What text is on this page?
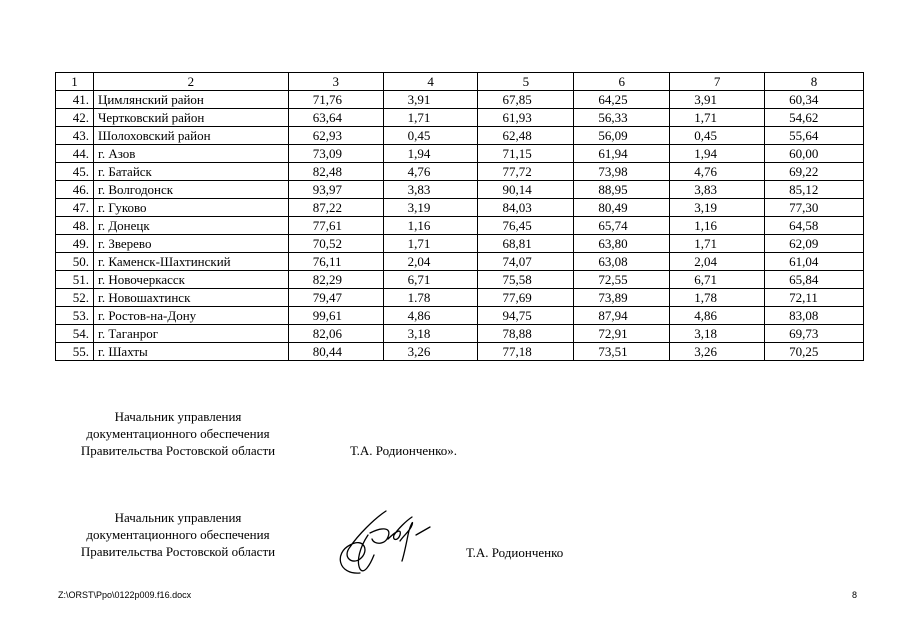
1	2	3	4	5	6	7	8
41.	Цимлянский район	71,76	3,91	67,85	64,25	3,91	60,34
42.	Чертковский район	63,64	1,71	61,93	56,33	1,71	54,62
43.	Шолоховский район	62,93	0,45	62,48	56,09	0,45	55,64
44.	г. Азов	73,09	1,94	71,15	61,94	1,94	60,00
45.	г. Батайск	82,48	4,76	77,72	73,98	4,76	69,22
46.	г. Волгодонск	93,97	3,83	90,14	88,95	3,83	85,12
47.	г. Гуково	87,22	3,19	84,03	80,49	3,19	77,30
48.	г. Донецк	77,61	1,16	76,45	65,74	1,16	64,58
49.	г. Зверево	70,52	1,71	68,81	63,80	1,71	62,09
50.	г. Каменск-Шахтинский	76,11	2,04	74,07	63,08	2,04	61,04
51.	г. Новочеркасск	82,29	6,71	75,58	72,55	6,71	65,84
52.	г. Новошахтинск	79,47	1.78	77,69	73,89	1,78	72,11
53.	г. Ростов-на-Дону	99,61	4,86	94,75	87,94	4,86	83,08
54.	г. Таганрог	82,06	3,18	78,88	72,91	3,18	69,73
55.	г. Шахты	80,44	3,26	77,18	73,51	3,26	70,25
Начальник управления
документационного обеспечения
Правительства Ростовской области	Т.А. Родионченко».
Начальник управления
документационного обеспечения
Правительства Ростовской области	Т.А. Родионченко
Z:\ORST\Ppo\0122p009.f16.docx	8
